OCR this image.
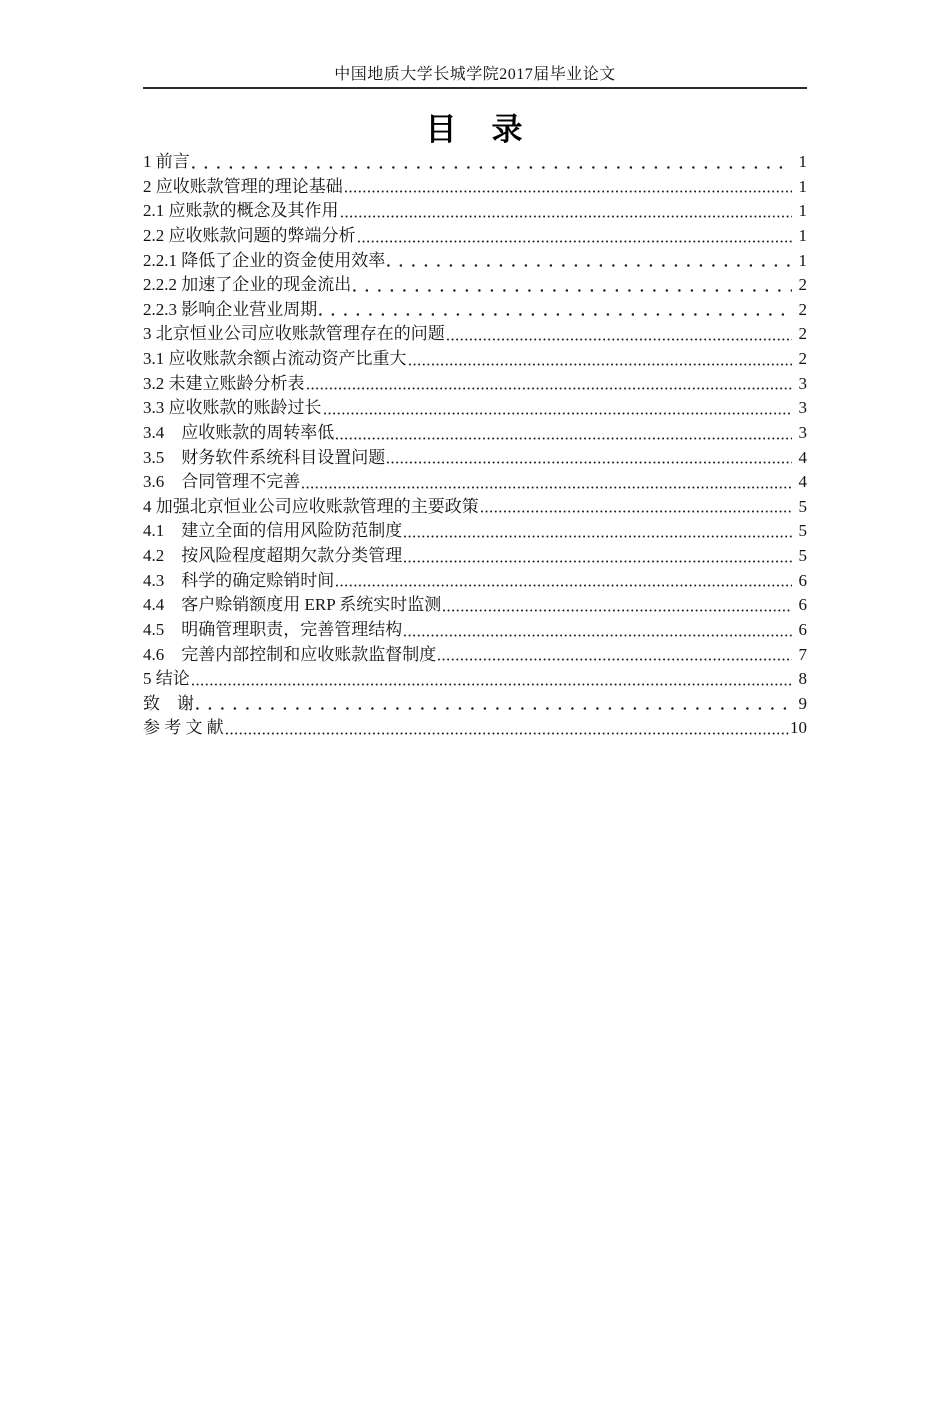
中国地质大学长城学院2017届毕业论文
目　录
1 前言	1
2 应收账款管理的理论基础	1
2.1 应账款的概念及其作用	1
2.2 应收账款问题的弊端分析	1
2.2.1 降低了企业的资金使用效率	1
2.2.2 加速了企业的现金流出	2
2.2.3 影响企业营业周期	2
3 北京恒业公司应收账款管理存在的问题	2
3.1 应收账款余额占流动资产比重大	2
3.2 未建立账龄分析表	3
3.3 应收账款的账龄过长	3
3.4　应收账款的周转率低	3
3.5　财务软件系统科目设置问题	4
3.6　合同管理不完善	4
4 加强北京恒业公司应收账款管理的主要政策	5
4.1　建立全面的信用风险防范制度	5
4.2　按风险程度超期欠款分类管理	5
4.3　科学的确定赊销时间	6
4.4　客户赊销额度用 ERP 系统实时监测	6
4.5　明确管理职责，完善管理结构	6
4.6　完善内部控制和应收账款监督制度	7
5 结论	8
致　谢	9
参 考 文 献	10
